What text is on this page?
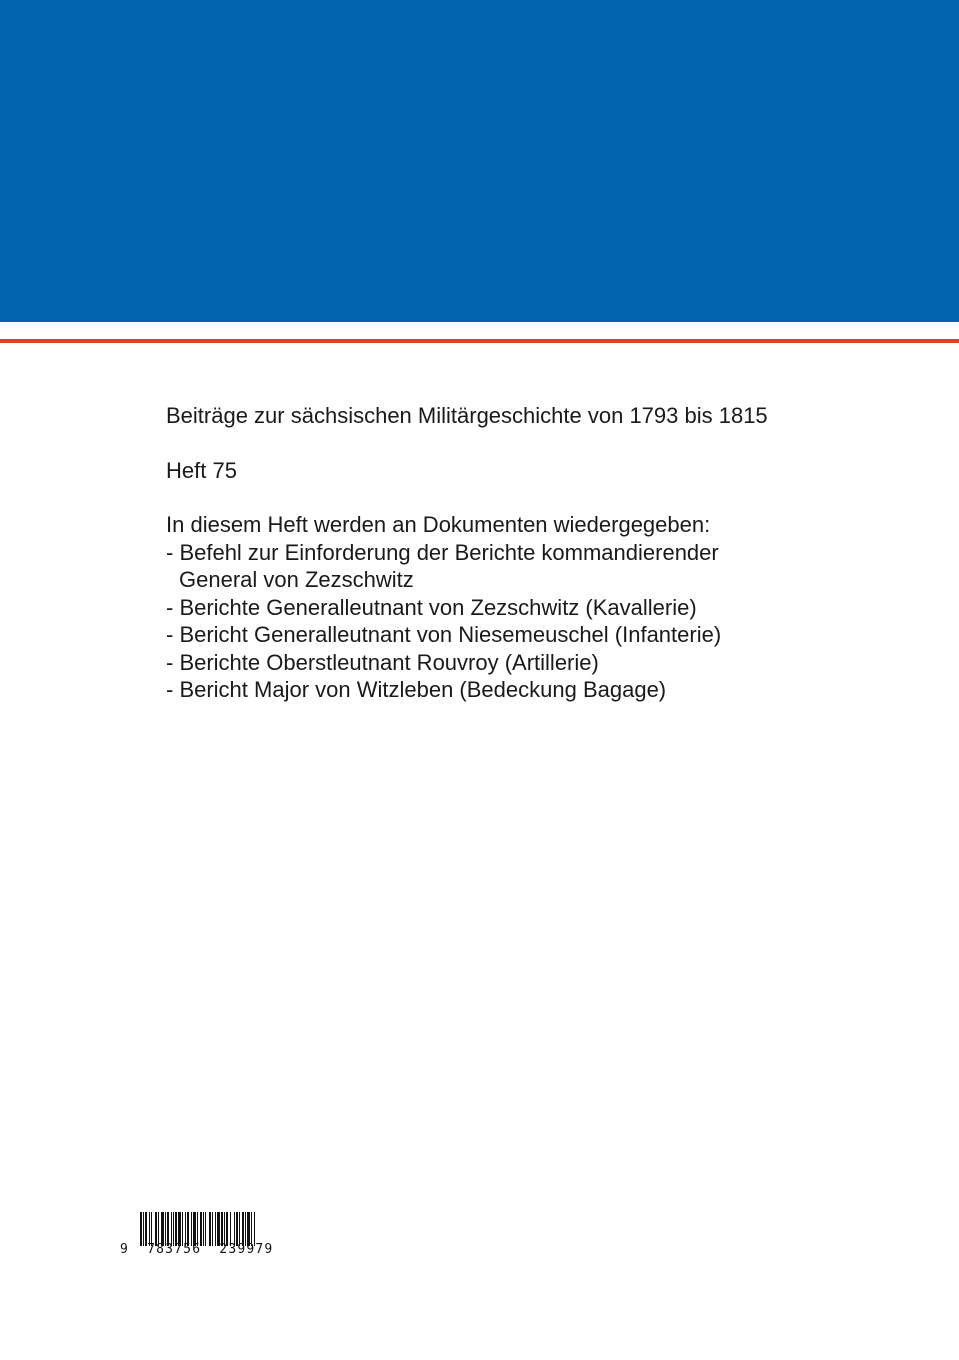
Beiträge zur sächsischen Militärgeschichte von 1793 bis 1815

Heft 75

In diesem Heft werden an Dokumenten wiedergegeben:

- Befehl zur Einforderung der Berichte kommandierender
General von Zezschwitz
- Berichte Generalleutnant von Zezschwitz (Kavallerie)
- Bericht Generalleutnant von Niesemeuschel (Infanterie)
- Berichte Oberstleutnant Rouvroy (Artillerie)
- Bericht Major von Witzleben (Bedeckung Bagage)
9  783756  239979
